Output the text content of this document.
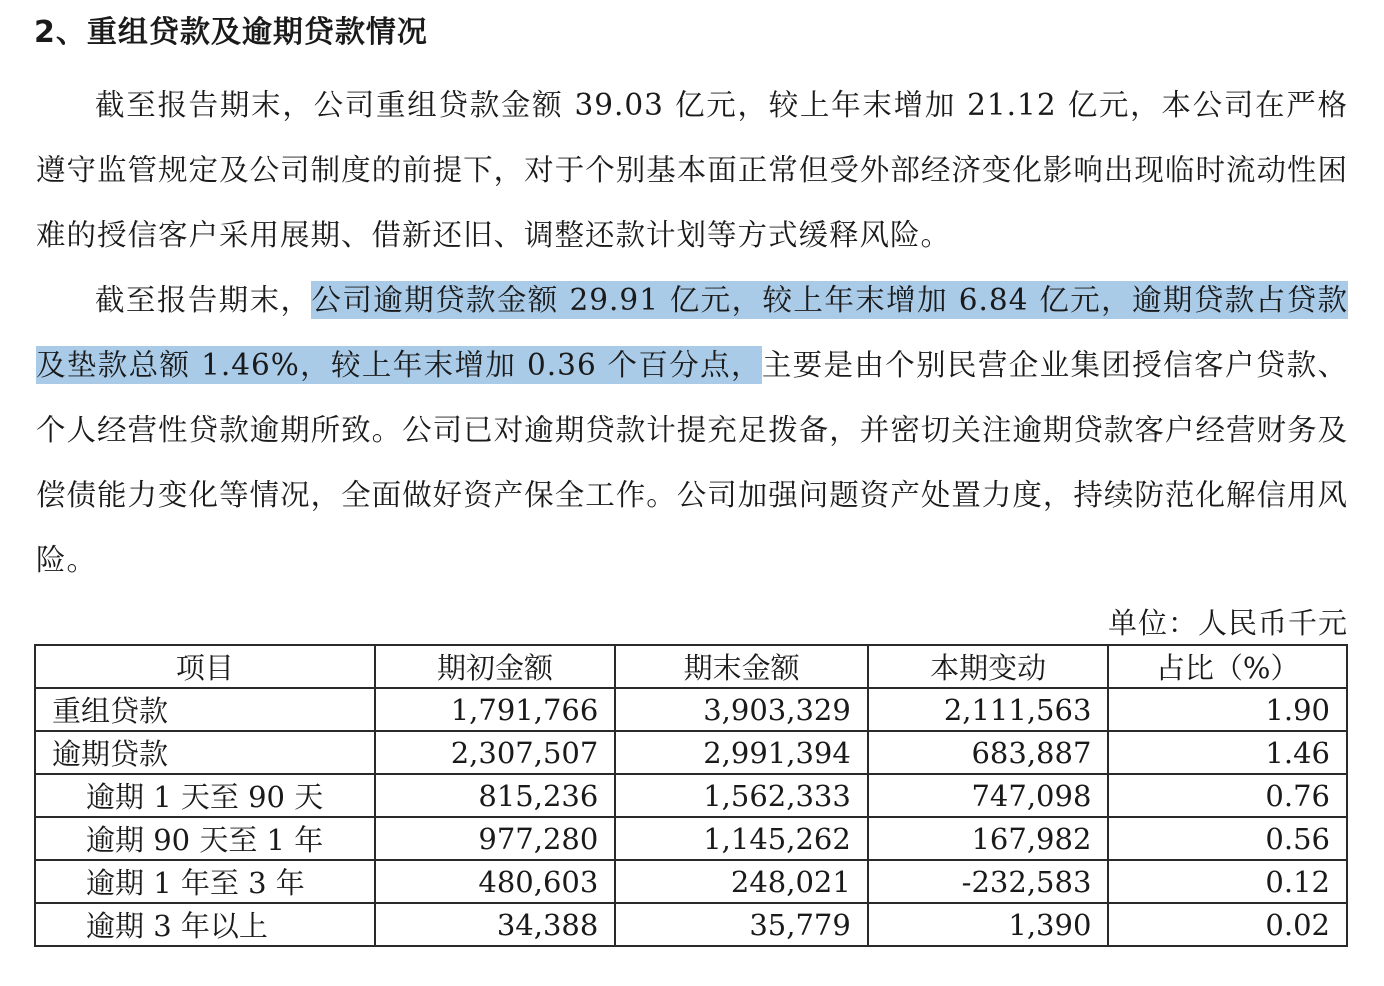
2、重组贷款及逾期贷款情况
截至报告期末，公司重组贷款金额 39.03 亿元，较上年末增加 21.12 亿元，本公司在严格遵守监管规定及公司制度的前提下，对于个别基本面正常但受外部经济变化影响出现临时流动性困难的授信客户采用展期、借新还旧、调整还款计划等方式缓释风险。
截至报告期末，公司逾期贷款金额 29.91 亿元，较上年末增加 6.84 亿元，逾期贷款占贷款及垫款总额 1.46%，较上年末增加 0.36 个百分点，主要是由个别民营企业集团授信客户贷款、个人经营性贷款逾期所致。公司已对逾期贷款计提充足拨备，并密切关注逾期贷款客户经营财务及偿债能力变化等情况，全面做好资产保全工作。公司加强问题资产处置力度，持续防范化解信用风险。
单位：人民币千元
项目	期初金额	期末金额	本期变动	占比（%）
重组贷款	1,791,766	3,903,329	2,111,563	1.90
逾期贷款	2,307,507	2,991,394	683,887	1.46
逾期 1 天至 90 天	815,236	1,562,333	747,098	0.76
逾期 90 天至 1 年	977,280	1,145,262	167,982	0.56
逾期 1 年至 3 年	480,603	248,021	-232,583	0.12
逾期 3 年以上	34,388	35,779	1,390	0.02
